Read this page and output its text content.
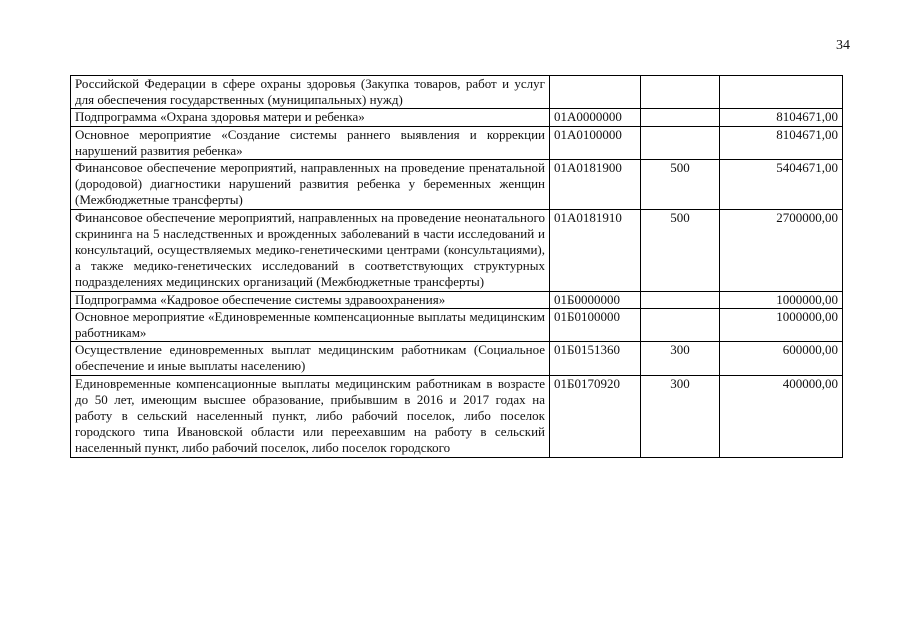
34
Российской Федерации в сфере охраны здоровья (Закупка товаров, работ и услуг для обеспечения государственных (муниципальных) нужд)			
Подпрограмма «Охрана здоровья матери и ребенка»	01А0000000		8104671,00
Основное мероприятие «Создание системы раннего выявления и коррекции нарушений развития ребенка»	01А0100000		8104671,00
Финансовое обеспечение мероприятий, направленных на проведение пренатальной (дородовой) диагностики нарушений развития ребенка у беременных женщин (Межбюджетные трансферты)	01А0181900	500	5404671,00
Финансовое обеспечение мероприятий, направленных на проведение неонатального скрининга на 5 наследственных и врожденных заболеваний в части исследований и консультаций, осуществляемых медико-генетическими центрами (консультациями), а также медико-генетических исследований в соответствующих структурных подразделениях медицинских организаций (Межбюджетные трансферты)	01А0181910	500	2700000,00
Подпрограмма «Кадровое обеспечение системы здравоохранения»	01Б0000000		1000000,00
Основное мероприятие «Единовременные компенсационные выплаты медицинским работникам»	01Б0100000		1000000,00
Осуществление единовременных выплат медицинским работникам (Социальное обеспечение и иные выплаты населению)	01Б0151360	300	600000,00
Единовременные компенсационные выплаты медицинским работникам в возрасте до 50 лет, имеющим высшее образование, прибывшим в 2016 и 2017 годах на работу в сельский населенный пункт, либо рабочий поселок, либо поселок городского типа Ивановской области или переехавшим на работу в сельский населенный пункт, либо рабочий поселок, либо поселок городского	01Б0170920	300	400000,00
